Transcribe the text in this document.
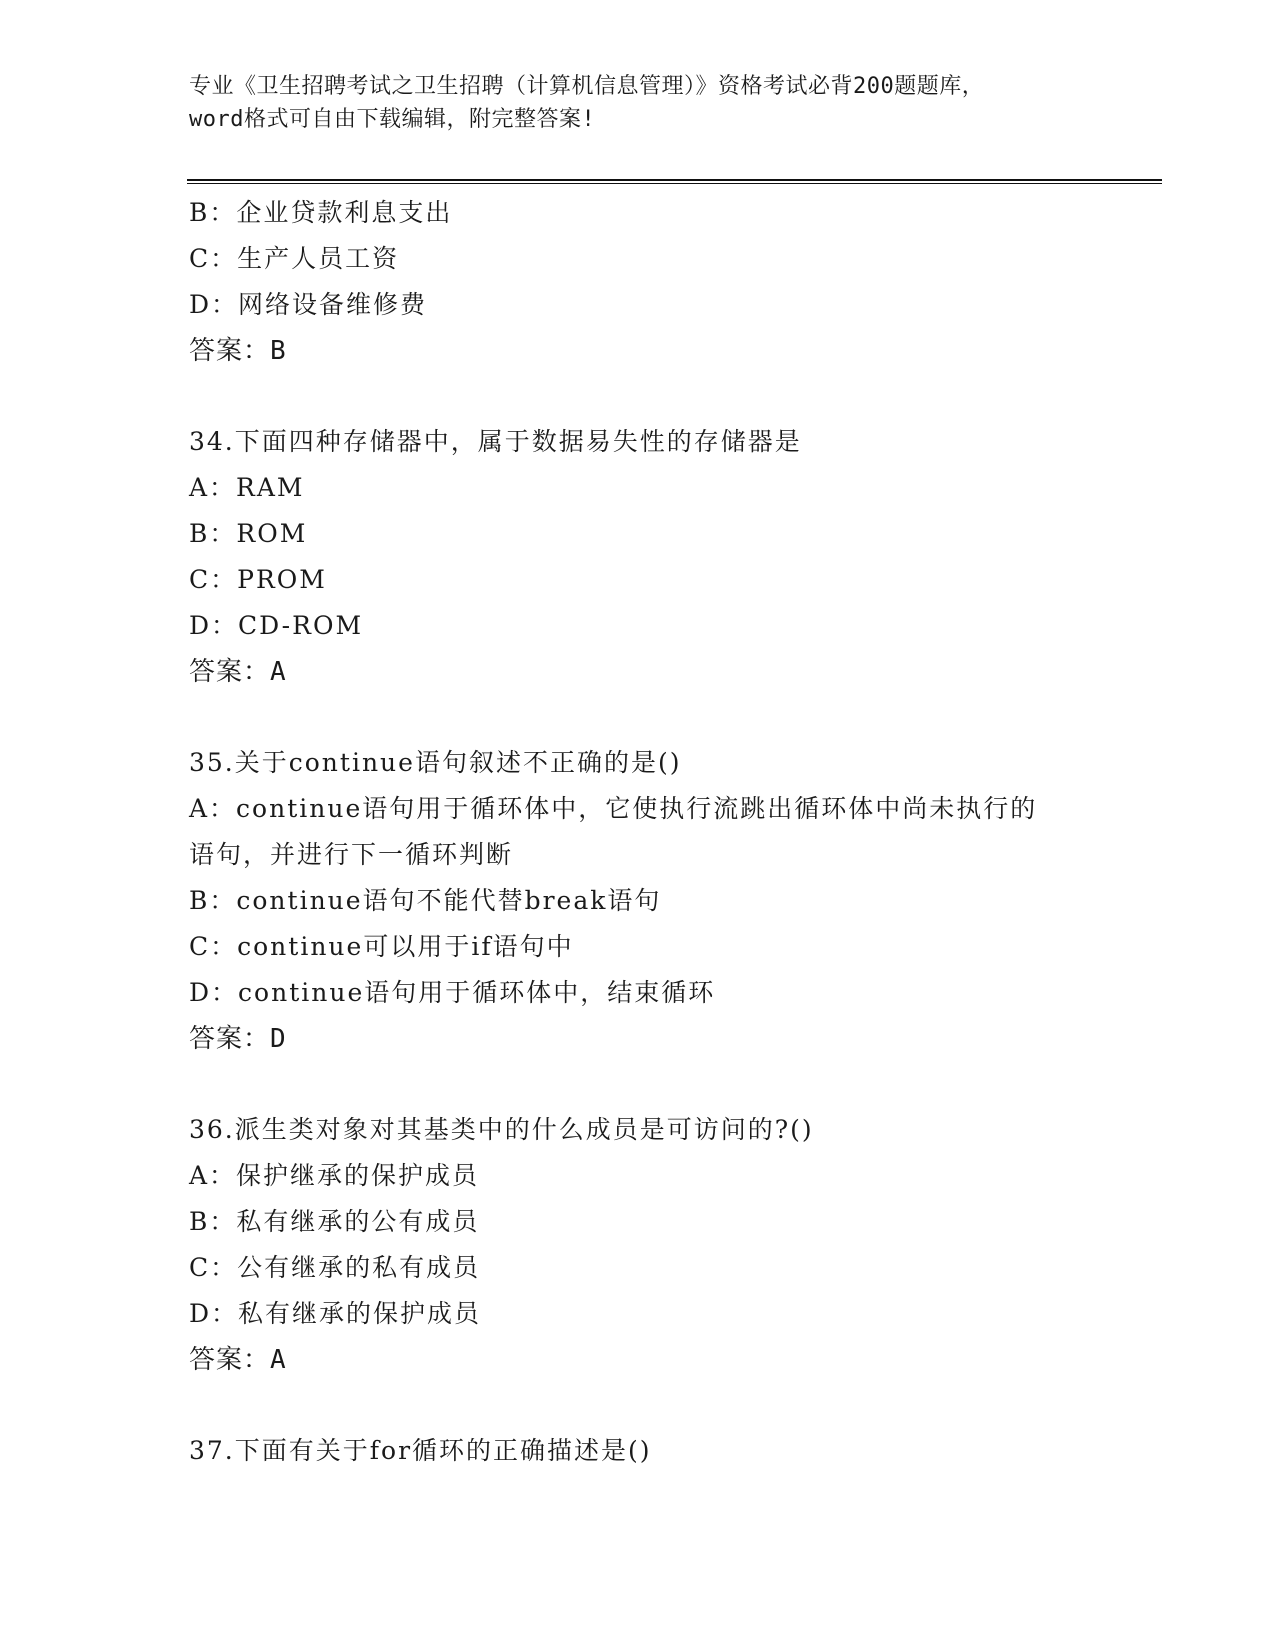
专业《卫生招聘考试之卫生招聘（计算机信息管理）》资格考试必背200题题库，
word格式可自由下载编辑，附完整答案!
B：企业贷款利息支出
C：生产人员工资
D：网络设备维修费
答案：B
34.下面四种存储器中，属于数据易失性的存储器是
A：RAM
B：ROM
C：PROM
D：CD-ROM
答案：A
35.关于continue语句叙述不正确的是()
A：continue语句用于循环体中，它使执行流跳出循环体中尚未执行的
语句，并进行下一循环判断
B：continue语句不能代替break语句
C：continue可以用于if语句中
D：continue语句用于循环体中，结束循环
答案：D
36.派生类对象对其基类中的什么成员是可访问的?()
A：保护继承的保护成员
B：私有继承的公有成员
C：公有继承的私有成员
D：私有继承的保护成员
答案：A
37.下面有关于for循环的正确描述是()
